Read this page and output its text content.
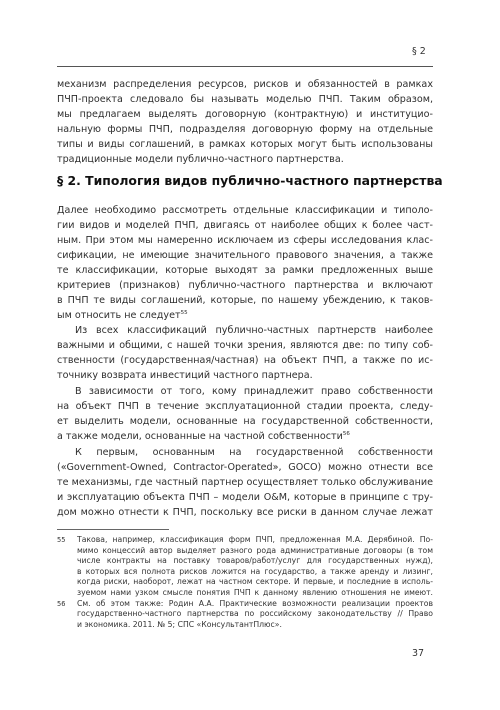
§ 2
механизм распределения ресурсов, рисков и обязанностей в рамках
ПЧП-проекта следовало бы называть моделью ПЧП. Таким образом,
мы предлагаем выделять договорную (контрактную) и институцио-
нальную формы ПЧП, подразделяя договорную форму на отдельные
типы и виды соглашений, в рамках которых могут быть использованы
традиционные модели публично-частного партнерства.
§ 2. Типология видов публично-частного партнерства
Далее необходимо рассмотреть отдельные классификации и типоло-
гии видов и моделей ПЧП, двигаясь от наиболее общих к более част-
ным. При этом мы намеренно исключаем из сферы исследования клас-
сификации, не имеющие значительного правового значения, а также
те классификации, которые выходят за рамки предложенных выше
критериев (признаков) публично-частного партнерства и включают
в ПЧП те виды соглашений, которые, по нашему убеждению, к таков-
ым относить не следует$^{55}$
Из всех классификаций публично-частных партнерств наиболее
важными и общими, с нашей точки зрения, являются две: по типу соб-
ственности (государственная/частная) на объект ПЧП, а также по ис-
точнику возврата инвестиций частного партнера.
В зависимости от того, кому принадлежит право собственности
на объект ПЧП в течение эксплуатационной стадии проекта, следу-
ет выделить модели, основанные на государственной собственности,
а также модели, основанные на частной собственности$^{56}$
К первым, основанным на государственной собственности
(«Government-Owned, Contractor-Operated», GOCO) можно отнести все
те механизмы, где частный партнер осуществляет только обслуживание
и эксплуатацию объекта ПЧП – модели O&M, которые в принципе с тру-
дом можно отнести к ПЧП, поскольку все риски в данном случае лежат
55 Такова, например, классификация форм ПЧП, предложенная М.А. Дерябиной. По-
мимо концессий автор выделяет разного рода административные договоры (в том
числе контракты на поставку товаров/работ/услуг для государственных нужд),
в которых вся полнота рисков ложится на государство, а также аренду и лизинг,
когда риски, наоборот, лежат на частном секторе. И первые, и последние в исполь-
зуемом нами узком смысле понятия ПЧП к данному явлению отношения не имеют.
56 См. об этом также: Родин А.А. Практические возможности реализации проектов
государственно-частного партнерства по российскому законодательству // Право
и экономика. 2011. № 5; СПС «КонсультантПлюс».
37
